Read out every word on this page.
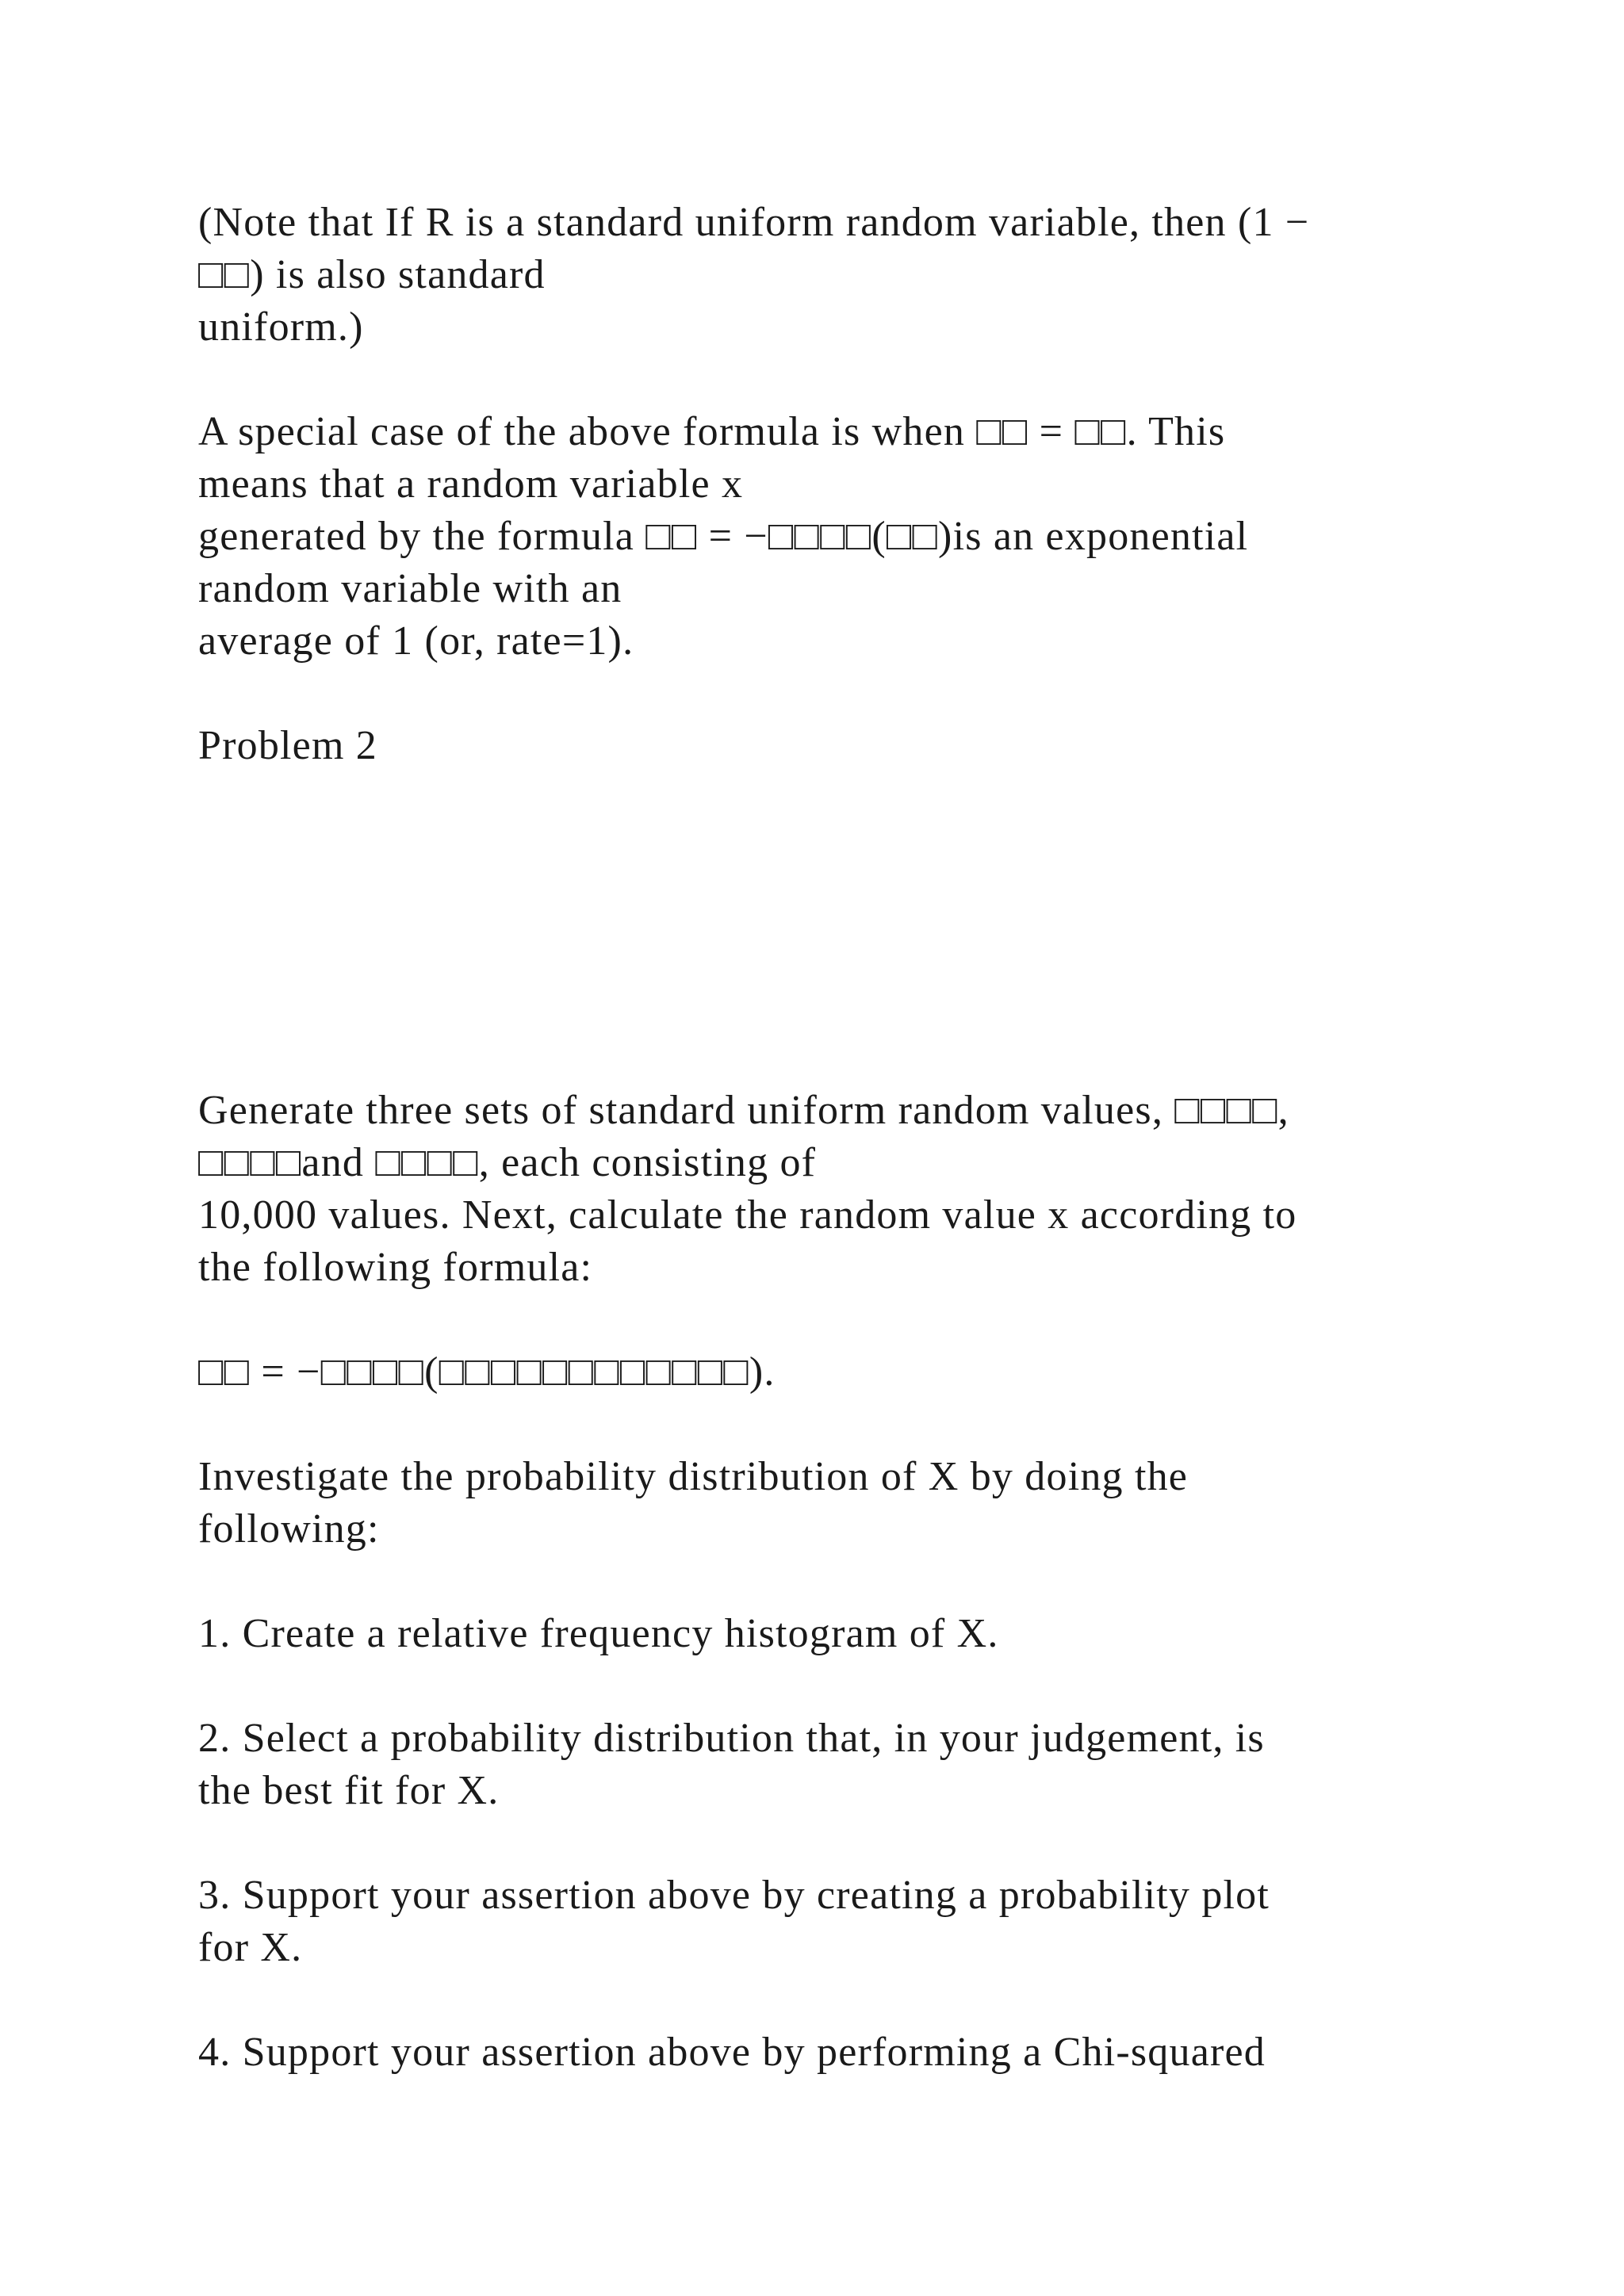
(Note that If R is a standard uniform random variable, then (1 −

□□) is also standard

uniform.)

A special case of the above formula is when □□ = □□. This

means that a random variable x

generated by the formula □□ = −□□□□(□□)is an exponential

random variable with an

average of 1 (or, rate=1).

Problem 2

Generate three sets of standard uniform random values, □□□□,

□□□□and □□□□, each consisting of

10,000 values. Next, calculate the random value x according to

the following formula:

□□ = −□□□□(□□□□□□□□□□□□).

Investigate the probability distribution of X by doing the

following:

1. Create a relative frequency histogram of X.

2. Select a probability distribution that, in your judgement, is

the best fit for X.

3. Support your assertion above by creating a probability plot

for X.

4. Support your assertion above by performing a Chi-squared
